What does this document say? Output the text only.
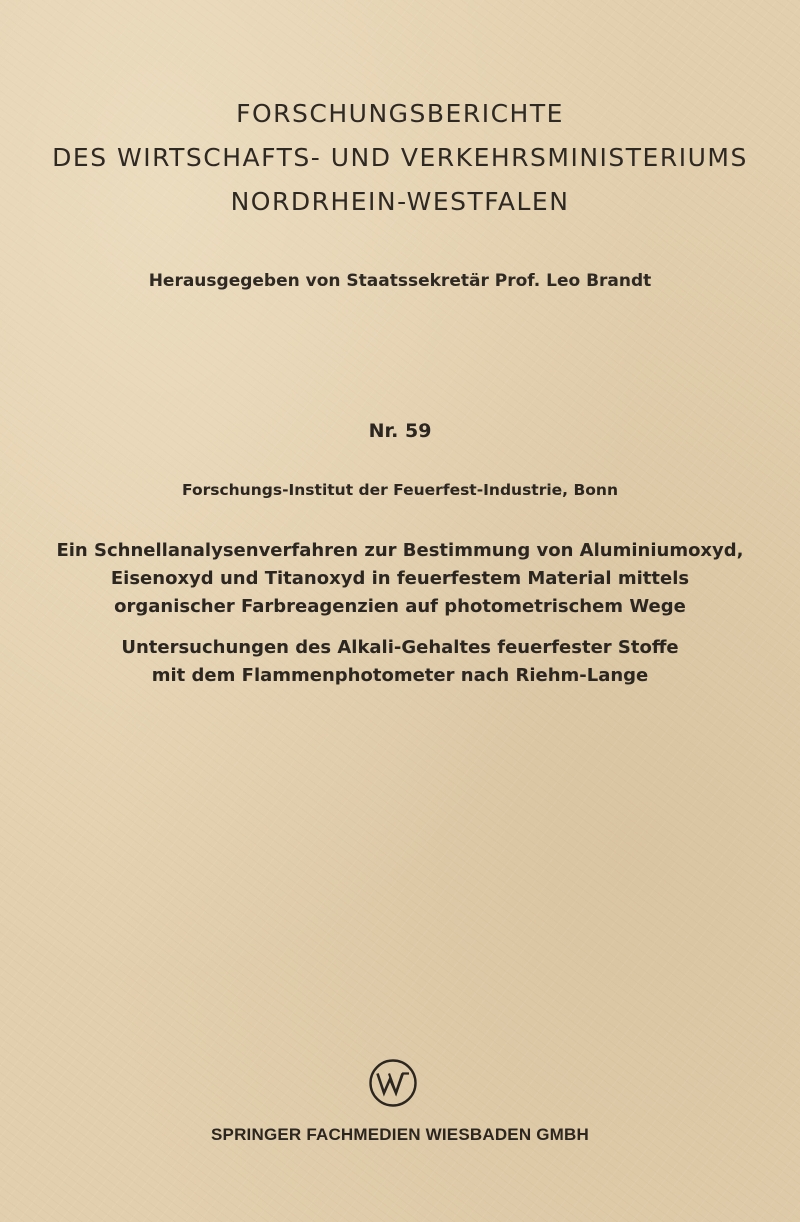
FORSCHUNGSBERICHTE
DES WIRTSCHAFTS- UND VERKEHRSMINISTERIUMS
NORDRHEIN-WESTFALEN
Herausgegeben von Staatssekretär Prof. Leo Brandt
Nr. 59
Forschungs-Institut der Feuerfest-Industrie, Bonn
Ein Schnellanalysenverfahren zur Bestimmung von Aluminiumoxyd,
Eisenoxyd und Titanoxyd in feuerfestem Material mittels
organischer Farbreagenzien auf photometrischem Wege
Untersuchungen des Alkali-Gehaltes feuerfester Stoffe
mit dem Flammenphotometer nach Riehm-Lange
SPRINGER FACHMEDIEN WIESBADEN GMBH
